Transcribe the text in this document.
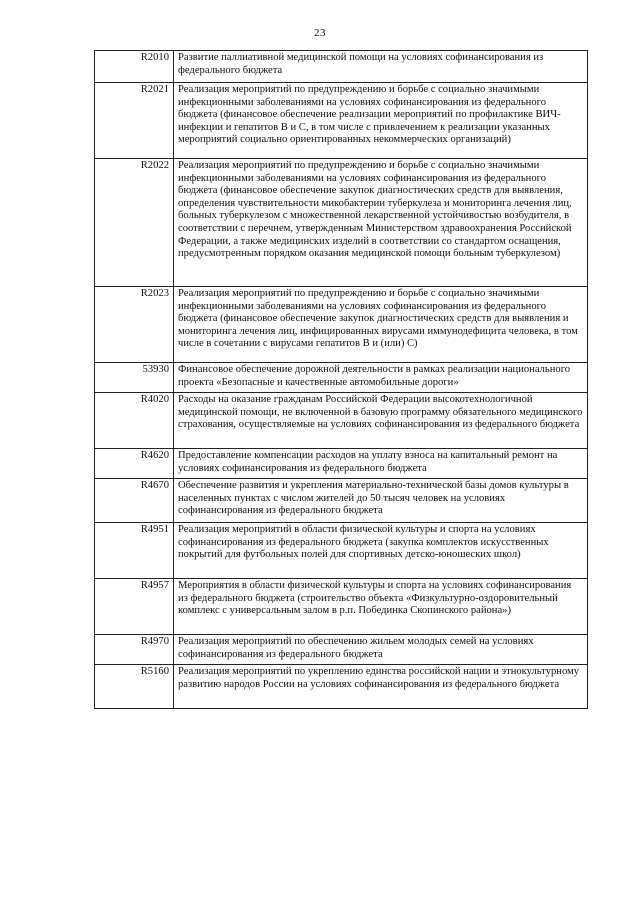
23
R2010	Развитие паллиативной медицинской помощи на условиях софинансирования из федерального бюджета
R2021	Реализация мероприятий по предупреждению и борьбе с социально значимыми инфекционными заболеваниями на условиях софинансирования из федерального бюджета (финансовое обеспечение реализации мероприятий по профилактике ВИЧ-инфекции и гепатитов B и C, в том числе с привлечением к реализации указанных мероприятий социально ориентированных некоммерческих организаций)
R2022	Реализация мероприятий по предупреждению и борьбе с социально значимыми инфекционными заболеваниями на условиях софинансирования из федерального бюджета (финансовое обеспечение закупок диагностических средств для выявления, определения чувствительности микобактерии туберкулеза и мониторинга лечения лиц, больных туберкулезом с множественной лекарственной устойчивостью возбудителя, в соответствии с перечнем, утвержденным Министерством здравоохранения Российской Федерации, а также медицинских изделий в соответствии со стандартом оснащения, предусмотренным порядком оказания медицинской помощи больным туберкулезом)
R2023	Реализация мероприятий по предупреждению и борьбе с социально значимыми инфекционными заболеваниями на условиях софинансирования из федерального бюджета (финансовое обеспечение закупок диагностических средств для выявления и мониторинга лечения лиц, инфицированных вирусами иммунодефицита человека, в том числе в сочетании с вирусами гепатитов B и (или) C)
53930	Финансовое обеспечение дорожной деятельности в рамках реализации национального проекта «Безопасные и качественные автомобильные дороги»
R4020	Расходы на оказание гражданам Российской Федерации высокотехнологичной медицинской помощи, не включенной в базовую программу обязательного медицинского страхования, осуществляемые на условиях софинансирования из федерального бюджета
R4620	Предоставление компенсации расходов на уплату взноса на капитальный ремонт на условиях софинансирования из федерального бюджета
R4670	Обеспечение развития и укрепления материально-технической базы домов культуры в населенных пунктах с числом жителей до 50 тысяч человек на условиях софинансирования из федерального бюджета
R4951	Реализация мероприятий в области физической культуры и спорта на условиях софинансирования из федерального бюджета (закупка комплектов искусственных покрытий для футбольных полей для спортивных детско-юношеских школ)
R4957	Мероприятия в области физической культуры и спорта на условиях софинансирования из федерального бюджета (строительство объекта «Физкультурно-оздоровительный комплекс с универсальным залом в р.п. Побединка Скопинского района»)
R4970	Реализация мероприятий по обеспечению жильем молодых семей на условиях софинансирования из федерального бюджета
R5160	Реализация мероприятий по укреплению единства российской нации и этнокультурному развитию народов России на условиях софинансирования из федерального бюджета
